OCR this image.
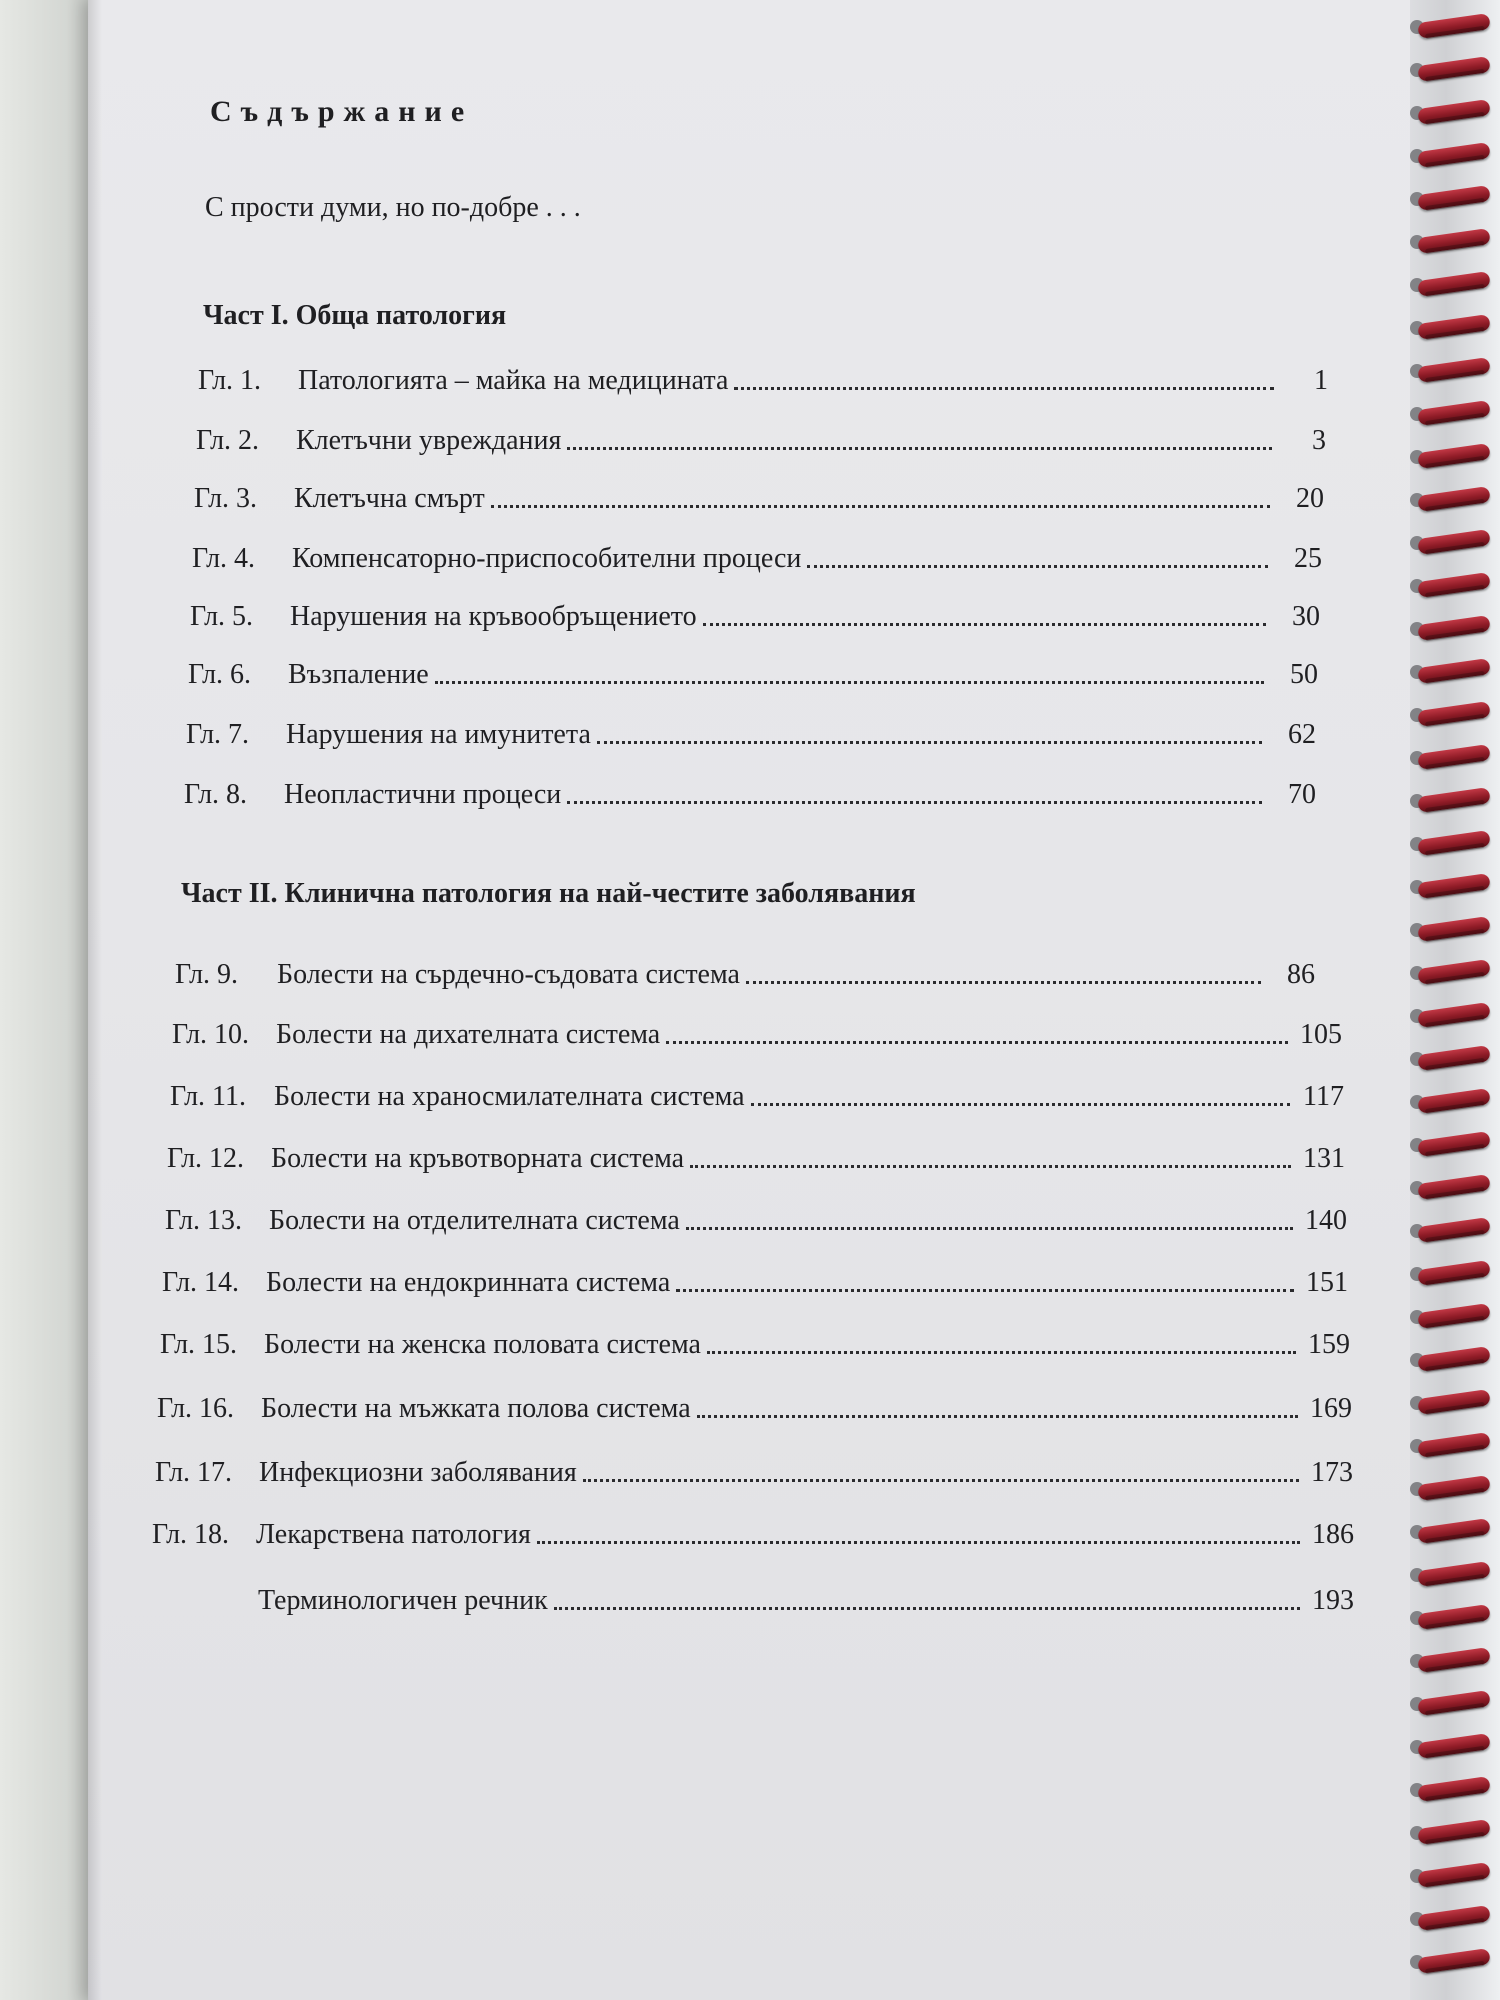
Съдържание
С прости думи, но по-добре . . .
Част I. Обща патология
Гл. 1.	Патологията – майка на медицината	1
Гл. 2.	Клетъчни увреждания	3
Гл. 3.	Клетъчна смърт	20
Гл. 4.	Компенсаторно-приспособителни процеси	25
Гл. 5.	Нарушения на кръвообръщението	30
Гл. 6.	Възпаление	50
Гл. 7.	Нарушения на имунитета	62
Гл. 8.	Неопластични процеси	70
Част II. Клинична патология на най-честите заболявания
Гл. 9.	Болести на сърдечно-съдовата система	86
Гл. 10. Болести на дихателната система	105
Гл. 11. Болести на храносмилателната система	117
Гл. 12. Болести на кръвотворната система	131
Гл. 13. Болести на отделителната система	140
Гл. 14. Болести на ендокринната система	151
Гл. 15. Болести на женска половата система	159
Гл. 16. Болести на мъжката полова система	169
Гл. 17. Инфекциозни заболявания	173
Гл. 18. Лекарствена патология	186
Терминологичен речник	193
